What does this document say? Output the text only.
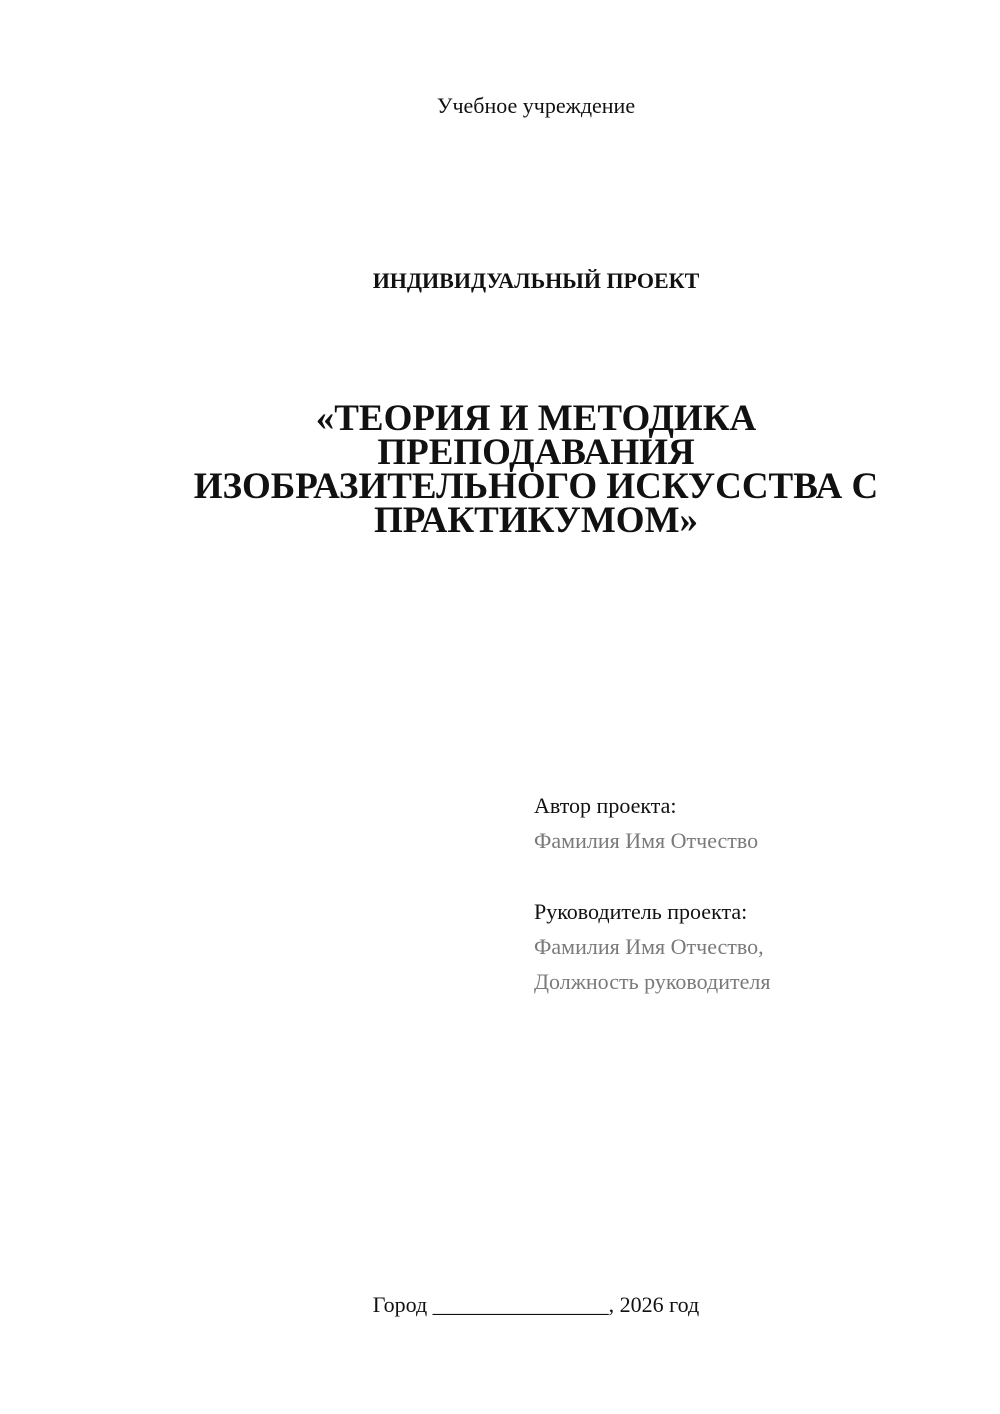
Учебное учреждение
ИНДИВИДУАЛЬНЫЙ ПРОЕКТ
«ТЕОРИЯ И МЕТОДИКА
ПРЕПОДАВАНИЯ
ИЗОБРАЗИТЕЛЬНОГО ИСКУССТВА С
ПРАКТИКУМОМ»
Автор проекта:
Фамилия Имя Отчество
Руководитель проекта:
Фамилия Имя Отчество,
Должность руководителя
Город ________________, 2026 год
